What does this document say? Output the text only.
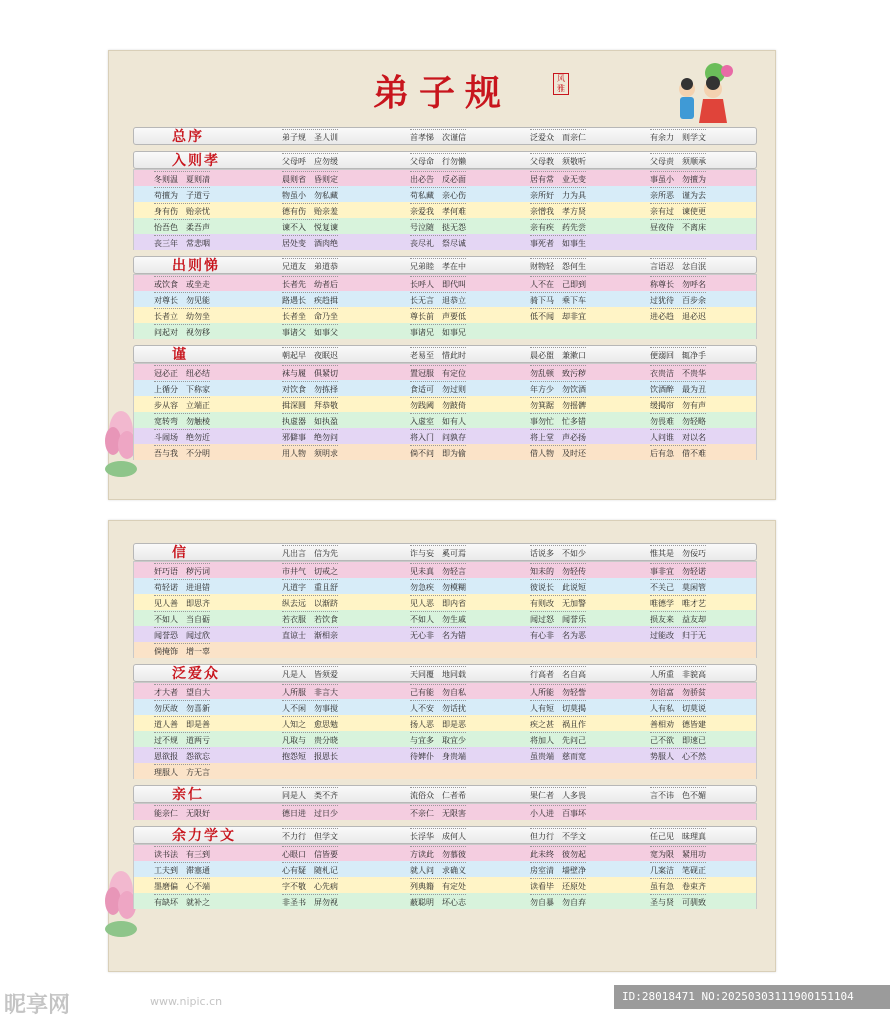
弟子规	风雅
总序	弟子规　圣人训	首孝悌　次谨信	泛爱众　而亲仁	有余力　则学文
入则孝	父母呼　应勿缓	父母命　行勿懒	父母教　须敬听	父母责　须顺承
冬则温　夏则凊	晨则省　昏则定	出必告　反必面	居有常　业无变	事虽小　勿擅为
苟擅为　子道亏	物虽小　勿私藏	苟私藏　亲心伤	亲所好　力为具	亲所恶　谨为去
身有伤　贻亲忧	德有伤　贻亲羞	亲爱我　孝何难	亲憎我　孝方贤	亲有过　谏使更
怡吾色　柔吾声	谏不入　悦复谏	号泣随　挞无怨	亲有疾　药先尝	昼夜侍　不离床
丧三年　常悲咽	居处变　酒肉绝	丧尽礼　祭尽诚	事死者　如事生
出则悌	兄道友　弟道恭	兄弟睦　孝在中	财物轻　怨何生	言语忍　忿自泯
或饮食　或坐走	长者先　幼者后	长呼人　即代叫	人不在　己即到	称尊长　勿呼名
对尊长　勿见能	路遇长　疾趋揖	长无言　退恭立	骑下马　乘下车	过犹待　百步余
长者立　幼勿坐	长者坐　命乃坐	尊长前　声要低	低不闻　却非宜	进必趋　退必迟
问起对　视勿移	事诸父　如事父	事诸兄　如事兄
谨	朝起早　夜眠迟	老易至　惜此时	晨必盥　兼漱口	便溺回　辄净手
冠必正　纽必结	袜与履　俱紧切	置冠服　有定位	勿乱顿　致污秽	衣贵洁　不贵华
上循分　下称家	对饮食　勿拣择	食适可　勿过则	年方少　勿饮酒	饮酒醉　最为丑
步从容　立端正	揖深圆　拜恭敬	勿践阈　勿跛倚	勿箕踞　勿摇髀	缓揭帘　勿有声
宽转弯　勿触棱	执虚器　如执盈	入虚室　如有人	事勿忙　忙多错	勿畏难　勿轻略
斗闹场　绝勿近	邪僻事　绝勿问	将入门　问孰存	将上堂　声必扬	人问谁　对以名
吾与我　不分明	用人物　须明求	倘不问　即为偷	借人物　及时还	后有急　借不难
信	凡出言　信为先	诈与妄　奚可焉	话说多　不如少	惟其是　勿佞巧
奸巧语　秽污词	市井气　切戒之	见未真　勿轻言	知未的　勿轻传	事非宜　勿轻诺
苟轻诺　进退错	凡道字　重且舒	勿急疾　勿模糊	彼说长　此说短	不关己　莫闲管
见人善　即思齐	纵去远　以渐跻	见人恶　即内省	有则改　无加警	唯德学　唯才艺
不如人　当自砺	若衣服　若饮食	不如人　勿生戚	闻过怒　闻誉乐	损友来　益友却
闻誉恐　闻过欣	直谅士　渐相亲	无心非　名为错	有心非　名为恶	过能改　归于无
倘掩饰　增一辜
泛爱众	凡是人　皆须爱	天同覆　地同载	行高者　名自高	人所重　非貌高
才大者　望自大	人所服　非言大	己有能　勿自私	人所能　勿轻訾	勿谄富　勿骄贫
勿厌故　勿喜新	人不闲　勿事搅	人不安　勿话扰	人有短　切莫揭	人有私　切莫说
道人善　即是善	人知之　愈思勉	扬人恶　即是恶	疾之甚　祸且作	善相劝　德皆建
过不规　道两亏	凡取与　贵分晓	与宜多　取宜少	将加人　先问己	己不欲　即速已
恩欲报　怨欲忘	抱怨短　报恩长	待婢仆　身贵端	虽贵端　慈而宽	势服人　心不然
理服人　方无言
亲仁	同是人　类不齐	流俗众　仁者希	果仁者　人多畏	言不讳　色不媚
能亲仁　无限好	德日进　过日少	不亲仁　无限害	小人进　百事坏
余力学文	不力行　但学文	长浮华　成何人	但力行　不学文	任己见　昧理真
读书法　有三到	心眼口　信皆要	方读此　勿慕彼	此未终　彼勿起	宽为限　紧用功
工夫到　滞塞通	心有疑　随札记	就人问　求确义	房室清　墙壁净	几案洁　笔砚正
墨磨偏　心不端	字不敬　心先病	列典籍　有定处	读看毕　还原处	虽有急　卷束齐
有缺坏　就补之	非圣书　屏勿视	蔽聪明　坏心志	勿自暴　勿自弃	圣与贤　可驯致
昵享网	www.nipic.cn	ID:28018471 NO:20250303111900151104
